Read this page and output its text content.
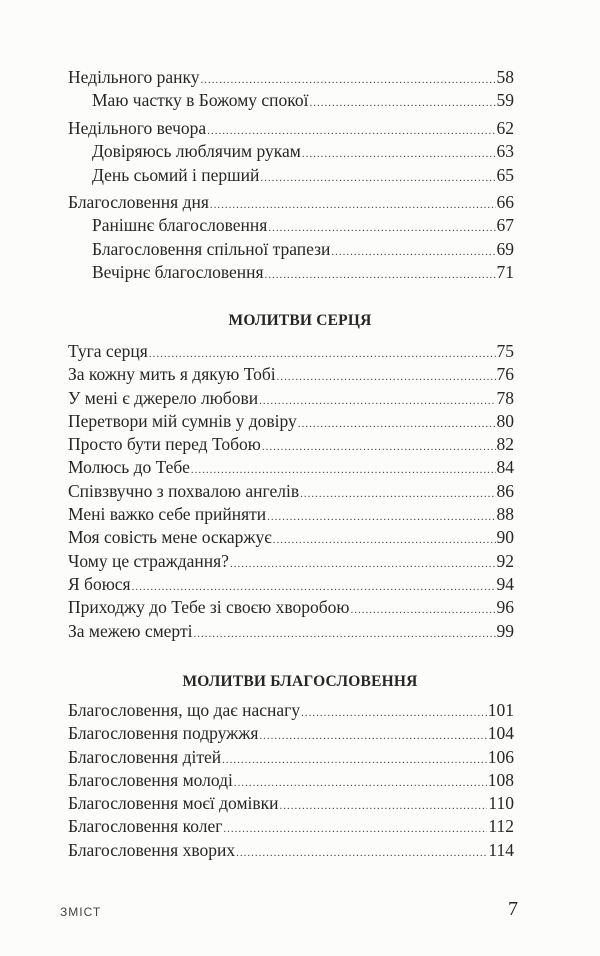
Недільного ранку .....	58
Маю частку в Божому спокої .....	59
Недільного вечора .....	62
Довіряюсь люблячим рукам .....	63
День сьомий і перший .....	65
Благословення дня .....	66
Ранішнє благословення .....	67
Благословення спільної трапези .....	69
Вечірнє благословення .....	71
МОЛИТВИ СЕРЦЯ
Туга серця .....	75
За кожну мить я дякую Тобі .....	76
У мені є джерело любови .....	78
Перетвори мій сумнів у довіру .....	80
Просто бути перед Тобою .....	82
Молюсь до Тебе .....	84
Співзвучно з похвалою ангелів .....	86
Мені важко себе прийняти .....	88
Моя совість мене оскаржує .....	90
Чому це страждання? .....	92
Я боюся .....	94
Приходжу до Тебе зі своєю хворобою .....	96
За межею смерті .....	99
МОЛИТВИ БЛАГОСЛОВЕННЯ
Благословення, що дає наснагу .....	101
Благословення подружжя .....	104
Благословення дітей .....	106
Благословення молоді .....	108
Благословення моєї домівки .....	110
Благословення колег .....	112
Благословення хворих .....	114
ЗМІСТ	7
